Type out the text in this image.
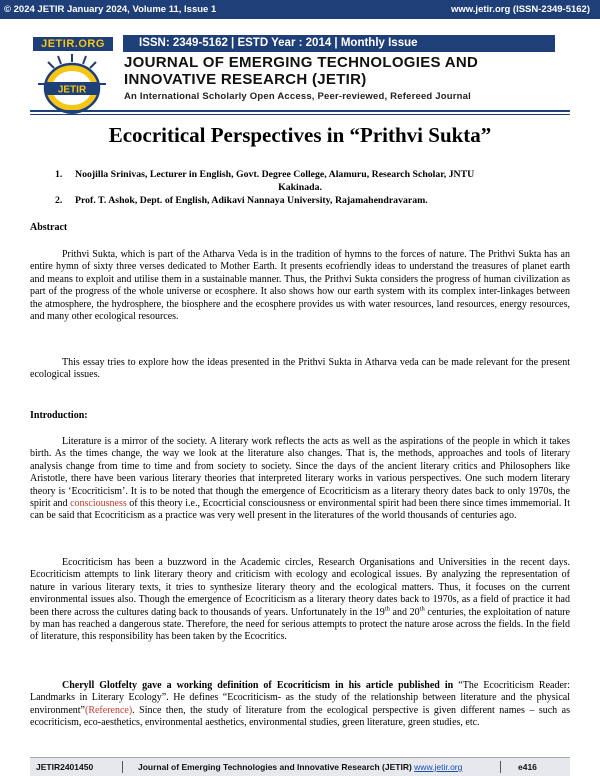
© 2024 JETIR January 2024, Volume 11, Issue 1	www.jetir.org (ISSN-2349-5162)
JETIR.ORG	ISSN: 2349-5162 | ESTD Year : 2014 | Monthly Issue
JETIR
JOURNAL OF EMERGING TECHNOLOGIES AND
INNOVATIVE RESEARCH (JETIR)
An International Scholarly Open Access, Peer-reviewed, Refereed Journal
Ecocritical Perspectives in “Prithvi Sukta”
1.	Noojilla Srinivas, Lecturer in English, Govt. Degree College, Alamuru, Research Scholar, JNTU
Kakinada.
2.	Prof. T. Ashok, Dept. of English, Adikavi Nannaya University, Rajamahendravaram.
Abstract
Prithvi Sukta, which is part of the Atharva Veda is in the tradition of hymns to the forces of nature. The Prithvi Sukta has an entire hymn of sixty three verses dedicated to Mother Earth. It presents ecofriendly ideas to understand the treasures of planet earth and means to exploit and utilise them in a sustainable manner. Thus, the Prithvi Sukta considers the progress of human civilization as part of the progress of the whole universe or ecosphere. It also shows how our earth system with its complex inter-linkages between the atmosphere, the hydrosphere, the biosphere and the ecosphere provides us with water resources, land resources, energy resources, and many other ecological resources.
This essay tries to explore how the ideas presented in the Prithvi Sukta in Atharva veda can be made relevant for the present ecological issues.
Introduction:
Literature is a mirror of the society. A literary work reflects the acts as well as the aspirations of the people in which it takes birth. As the times change, the way we look at the literature also changes. That is, the methods, approaches and tools of literary analysis change from time to time and from society to society. Since the days of the ancient literary critics and Philosophers like Aristotle, there have been various literary theories that interpreted literary works in various perspectives. One such modern literary theory is ‘Ecocriticism’. It is to be noted that though the emergence of Ecocriticism as a literary theory dates back to only 1970s, the spirit and consciousness of this theory i.e., Ecocrticial consciousness or environmental spirit had been there since times immemorial. It can be said that Ecocriticism as a practice was very well present in the literatures of the world thousands of centuries ago.
Ecocriticism has been a buzzword in the Academic circles, Research Organisations and Universities in the recent days. Ecocriticism attempts to link literary theory and criticism with ecology and ecological issues. By analyzing the representation of nature in various literary texts, it tries to synthesize literary theory and the ecological matters. Thus, it focuses on the current environmental issues also. Though the emergence of Ecocriticism as a literary theory dates back to 1970s, as a field of practice it had been there across the cultures dating back to thousands of years. Unfortunately in the 19th and 20th centuries, the exploitation of nature by man has reached a dangerous state. Therefore, the need for serious attempts to protect the nature arose across the fields. In the field of literature, this responsibility has been taken by the Ecocritics.
Cheryll Glotfelty gave a working definition of Ecocriticism in his article published in “The Ecocriticism Reader: Landmarks in Literary Ecology”. He defines “Ecocriticism- as the study of the relationship between literature and the physical environment”(Reference). Since then, the study of literature from the ecological perspective is given different names – such as ecocriticism, eco-aesthetics, environmental aesthetics, environmental studies, green literature, green studies, etc.
JETIR2401450	Journal of Emerging Technologies and Innovative Research (JETIR) www.jetir.org	e416
